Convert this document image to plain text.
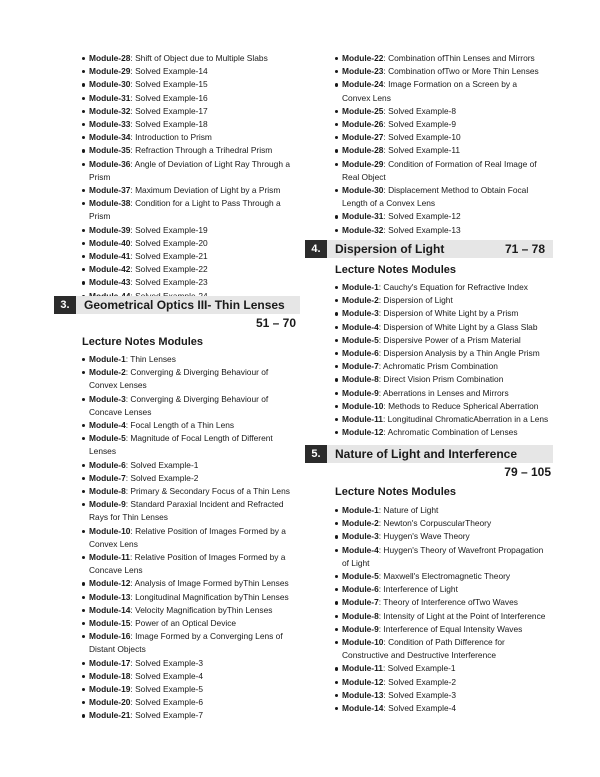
Module-28: Shift of Object due to Multiple Slabs
Module-29: Solved Example-14
Module-30: Solved Example-15
Module-31: Solved Example-16
Module-32: Solved Example-17
Module-33: Solved Example-18
Module-34: Introduction to Prism
Module-35: Refraction Through a Trihedral Prism
Module-36: Angle of Deviation of Light Ray Through a
Prism
Module-37: Maximum Deviation of Light by a Prism
Module-38: Condition for a Light to Pass Through a
Prism
Module-39: Solved Example-19
Module-40: Solved Example-20
Module-41: Solved Example-21
Module-42: Solved Example-22
Module-43: Solved Example-23
3.	Geometrical Optics III- Thin Lenses
51 – 70
Lecture Notes Modules
Module-1: Thin Lenses
Module-2: Converging & Diverging Behaviour of
Convex Lenses
Module-3: Converging & Diverging Behaviour of
Concave Lenses
Module-4: Focal Length of a Thin Lens
Module-5: Magnitude of Focal Length of Different
Lenses
Module-6: Solved Example-1
Module-7: Solved Example-2
Module-8: Primary & Secondary Focus of a Thin Lens
Module-9: Standard Paraxial Incident and Refracted
Rays for Thin Lenses
Module-10: Relative Position of Images Formed by a
Convex Lens
Module-11: Relative Position of Images Formed by a
Concave Lens
Module-12: Analysis of Image Formed byThin Lenses
Module-13: Longitudinal Magnification byThin Lenses
Module-14: Velocity Magnification byThin Lenses
Module-15: Power of an Optical Device
Module-16: Image Formed by a Converging Lens of
Distant Objects
Module-17: Solved Example-3
Module-18: Solved Example-4
Module-19: Solved Example-5
Module-20: Solved Example-6
Module-21: Solved Example-7
Module-22: Combination ofThin Lenses and Mirrors
Module-23: Combination ofTwo or More Thin Lenses
Module-24: Image Formation on a Screen by a
Convex Lens
Module-25: Solved Example-8
Module-26: Solved Example-9
Module-27: Solved Example-10
Module-28: Solved Example-11
Module-29: Condition of Formation of Real Image of
Real Object
Module-30: Displacement Method to Obtain Focal
Length of a Convex Lens
Module-31: Solved Example-12
Module-32: Solved Example-13
4.	Dispersion of Light	71 – 78
Lecture Notes Modules
Module-1: Cauchy's Equation for Refractive Index
Module-2: Dispersion of Light
Module-3: Dispersion of White Light by a Prism
Module-4: Dispersion of White Light by a Glass Slab
Module-5: Dispersive Power of a Prism Material
Module-6: Dispersion Analysis by a Thin Angle Prism
Module-7: Achromatic Prism Combination
Module-8: Direct Vision Prism Combination
Module-9: Aberrations in Lenses and Mirrors
Module-10: Methods to Reduce Spherical Aberration
Module-11: Longitudinal ChromaticAberration in a Lens
Module-12: Achromatic Combination of Lenses
5.	Nature of Light and Interference
79 – 105
Lecture Notes Modules
Module-1: Nature of Light
Module-2: Newton's CorpuscularTheory
Module-3: Huygen's Wave Theory
Module-4: Huygen's Theory of Wavefront Propagation
of Light
Module-5: Maxwell's Electromagnetic Theory
Module-6: Interference of Light
Module-7: Theory of Interference ofTwo Waves
Module-8: Intensity of Light at the Point of Interference
Module-9: Interference of Equal Intensity Waves
Module-10: Condition of Path Difference for
Constructive and Destructive Interference
Module-11: Solved Example-1
Module-12: Solved Example-2
Module-13: Solved Example-3
Module-14: Solved Example-4
